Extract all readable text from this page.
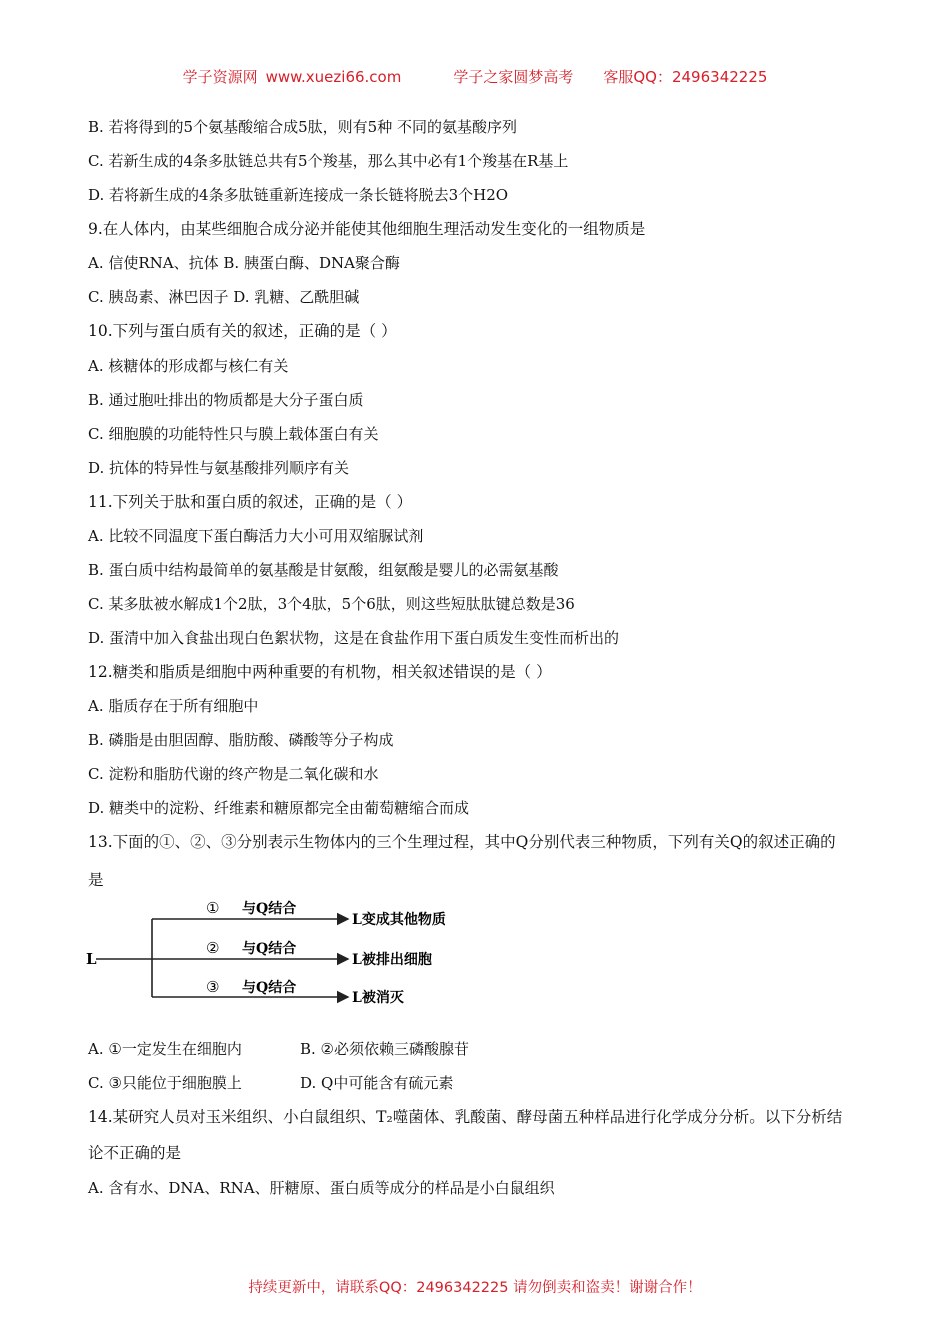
学子资源网 www.xuezi66.com	学子之家圆梦高考 客服QQ：2496342225
B. 若将得到的5个氨基酸缩合成5肽，则有5种 不同的氨基酸序列
C. 若新生成的4条多肽链总共有5个羧基，那么其中必有1个羧基在R基上
D. 若将新生成的4条多肽链重新连接成一条长链将脱去3个H2O
9.在人体内，由某些细胞合成分泌并能使其他细胞生理活动发生变化的一组物质是
A. 信使RNA、抗体 B. 胰蛋白酶、DNA聚合酶
C. 胰岛素、淋巴因子 D. 乳糖、乙酰胆碱
10.下列与蛋白质有关的叙述，正确的是（ ）
A. 核糖体的形成都与核仁有关
B. 通过胞吐排出的物质都是大分子蛋白质
C. 细胞膜的功能特性只与膜上载体蛋白有关
D. 抗体的特异性与氨基酸排列顺序有关
11.下列关于肽和蛋白质的叙述，正确的是（ ）
A. 比较不同温度下蛋白酶活力大小可用双缩脲试剂
B. 蛋白质中结构最简单的氨基酸是甘氨酸，组氨酸是婴儿的必需氨基酸
C. 某多肽被水解成1个2肽，3个4肽，5个6肽，则这些短肽肽键总数是36
D. 蛋清中加入食盐出现白色絮状物，这是在食盐作用下蛋白质发生变性而析出的
12.糖类和脂质是细胞中两种重要的有机物，相关叙述错误的是（ ）
A. 脂质存在于所有细胞中
B. 磷脂是由胆固醇、脂肪酸、磷酸等分子构成
C. 淀粉和脂肪代谢的终产物是二氧化碳和水
D. 糖类中的淀粉、纤维素和糖原都完全由葡萄糖缩合而成
13.下面的①、②、③分别表示生物体内的三个生理过程，其中Q分别代表三种物质，下列有关Q的叙述正确的
是
L
① 与Q结合
L变成其他物质
② 与Q结合
L被排出细胞
③ 与Q结合
L被消灭
A. ①一定发生在细胞内	B. ②必须依赖三磷酸腺苷
C. ③只能位于细胞膜上	D. Q中可能含有硫元素
14.某研究人员对玉米组织、小白鼠组织、T₂噬菌体、乳酸菌、酵母菌五种样品进行化学成分分析。以下分析结
论不正确的是
A. 含有水、DNA、RNA、肝糖原、蛋白质等成分的样品是小白鼠组织
持续更新中，请联系QQ：2496342225 请勿倒卖和盗卖！谢谢合作！
